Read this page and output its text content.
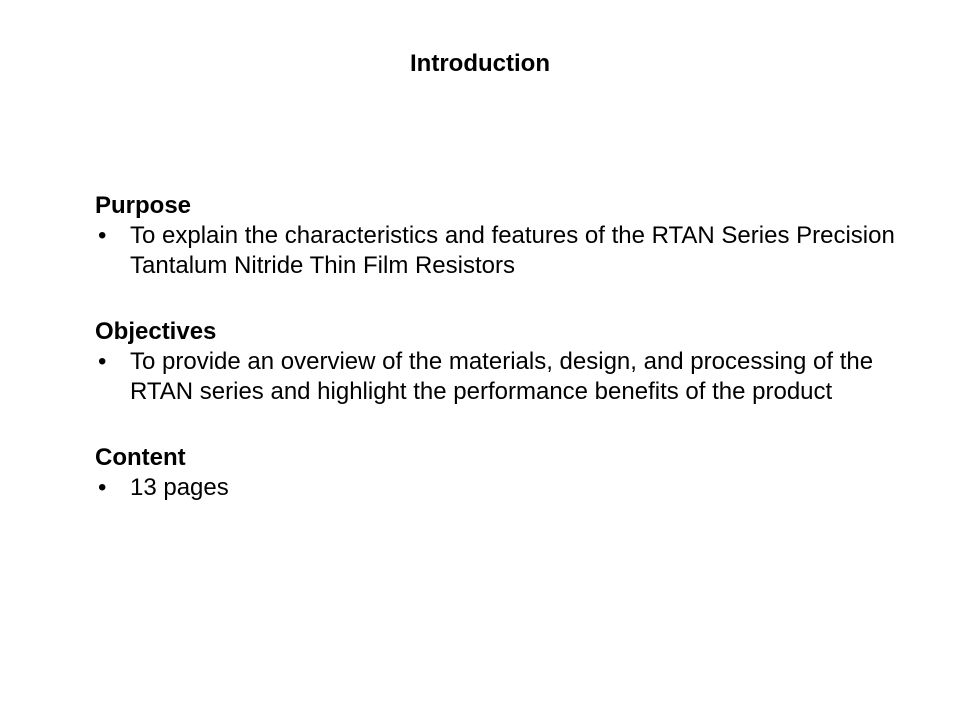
Introduction
Purpose
• To explain the characteristics and features of the RTAN Series Precision Tantalum Nitride Thin Film Resistors
Objectives
• To provide an overview of the materials, design, and processing of the RTAN series and highlight the performance benefits of the product
Content
• 13 pages
